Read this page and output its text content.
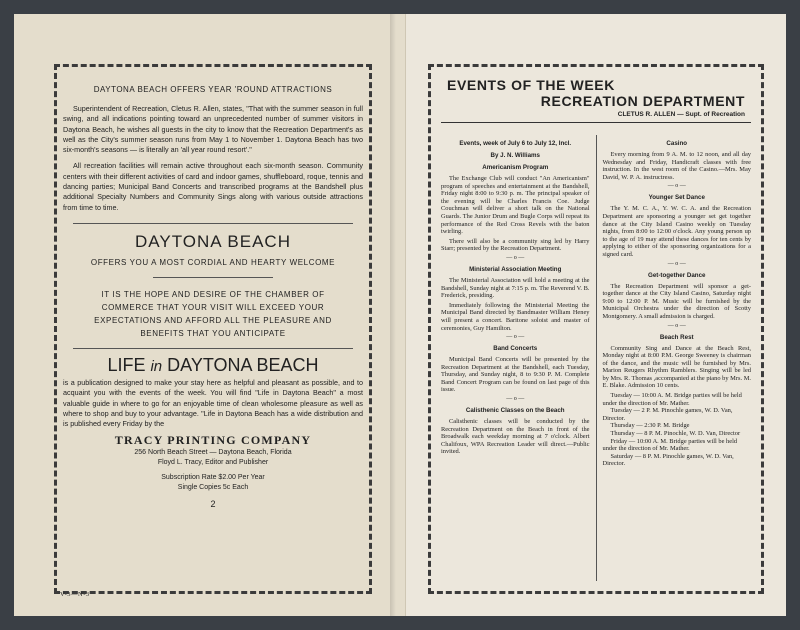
DAYTONA BEACH OFFERS YEAR 'ROUND ATTRACTIONS

Superintendent of Recreation, Cletus R. Allen, states, "That with the summer season in full swing, and all indications pointing toward an unprecedented number of summer visitors in Daytona Beach, he wishes all guests in the city to know that the Recreation Department's as well as the City's summer season runs from May 1 to November 1. Daytona Beach has two six-month's seasons — is literally an 'all year round resort'."

All recreation facilities will remain active throughout each six-month season. Community centers with their different activities of card and indoor games, shuffleboard, roque, tennis and dancing parties; Municipal Band Concerts and transcribed programs at the Bandshell plus additional Specialty Numbers and Community Sings along with various outside attractions from time to time.

DAYTONA BEACH
OFFERS YOU A MOST CORDIAL AND HEARTY WELCOME
IT IS THE HOPE AND DESIRE OF THE CHAMBER OF COMMERCE THAT YOUR VISIT WILL EXCEED YOUR EXPECTATIONS AND AFFORD ALL THE PLEASURE AND BENEFITS THAT YOU ANTICIPATE
LIFE in DAYTONA BEACH

is a publication designed to make your stay here as helpful and pleasant as possible, and to acquaint you with the events of the week. You will find "Life in Daytona Beach" a most valuable guide in where to go for an enjoyable time of clean wholesome pleasure as well as where to shop and buy to your advantage. "Life in Daytona Beach has a wide distribution and is published every Friday by the

TRACY PRINTING COMPANY
256 North Beach Street — Daytona Beach, Florida
Floyd L. Tracy, Editor and Publisher
Subscription Rate $2.00 Per Year
Single Copies 5c Each
2
V-3—N-3
EVENTS OF THE WEEK
RECREATION DEPARTMENT
CLETUS R. ALLEN — Supt. of Recreation
Events, week of July 6 to July 12, Incl.
By J. N. Williams
Americanism Program
The Exchange Club will conduct "An Americanism" program of speeches and entertainment at the Bandshell, Friday night 8:00 to 9:30 p. m. The principal speaker of the evening will be Charles Francis Coe. Judge Couchman will deliver a short talk on the National Guards. The Junior Drum and Bugle Corps will repeat its performance of the Red Cross Revels with the baton twirling.
There will also be a community sing led by Harry Starr; presented by the Recreation Department.
— o —
Ministerial Association Meeting
The Ministerial Association will hold a meeting at the Bandshell, Sunday night at 7:15 p. m. The Reverend V. B. Frederick, presiding.
Immediately following the Ministerial Meeting the Municipal Band directed by Bandmaster William Heney will present a concert. Baritone soloist and master of ceremonies, Guy Hamilton.
— o —
Band Concerts
Municipal Band Concerts will be presented by the Recreation Department at the Bandshell, each Tuesday, Thursday, and Sunday night, 8 to 9:30 P. M. Complete Band Concert Program can be found on last page of this issue.
— o —
Calisthenic Classes on the Beach
Calisthenic classes will be conducted by the Recreation Department on the Beach in front of the Broadwalk each weekday morning at 7 o'clock. Albert Chalifoux, WPA Recreation Leader will direct.—Public invited.
Casino
Every morning from 9 A. M. to 12 noon, and all day Wednesday and Friday, Handicraft classes with free instruction. In the west room of the Casino.—Mrs. May David, W. P. A. instructress.
— o —
Younger Set Dance
The Y. M. C. A., Y. W. C. A. and the Recreation Department are sponsoring a younger set get together dance at the City Island Casino weekly on Tuesday nights, from 8:00 to 12:00 o'clock. Any young person up to the age of 19 may attend these dances for ten cents by applying to either of the sponsoring organizations for a signed card.
— o —
Get-together Dance
The Recreation Department will sponsor a get-together dance at the City Island Casino, Saturday night 9:00 to 12:00 P. M. Music will be furnished by the Municipal Orchestra under the direction of Scotty Montgomery. A small admission is charged.
— o —
Beach Rest
Community Sing and Dance at the Beach Rest, Monday night at 8:00 P.M. George Sweeney is chairman of the dance, and the music will be furnished by Mrs. Marion Reugers Rhythm Ramblers. Singing will be led by Mrs. R. Thomas ,accompanied at the piano by Mrs. M. E. Blake. Admission 10 cents.
Tuesday — 10:00 A. M. Bridge parties will be held under the direction of Mr. Mather.
Tuesday — 2 P. M. Pinochle games, W. D. Van, Director.
Thursday — 2:30 P. M. Bridge
Thursday — 8 P. M. Pinochle, W. D. Van, Director
Friday — 10:00 A. M. Bridge parties will be held under the direction of Mr. Mather.
Saturday — 8 P. M. Pinochle games, W. D. Van, Director.
